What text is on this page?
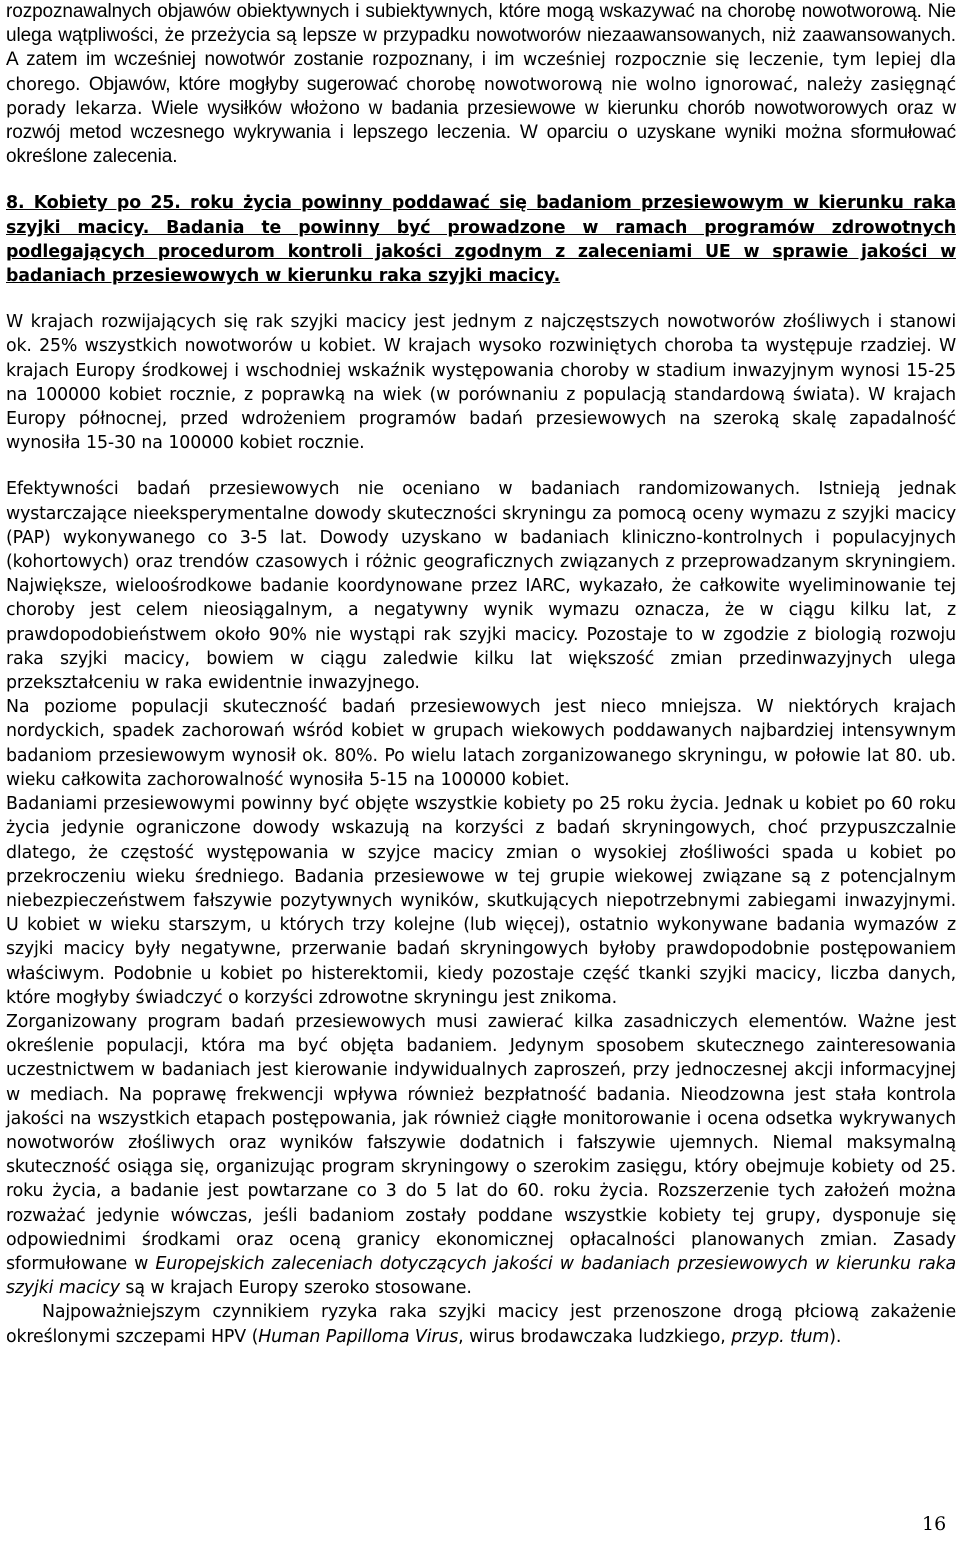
rozpoznawalnych objawów obiektywnych i subiektywnych, które mogą wskazywać na chorobę nowotworową. Nie ulega wątpliwości, że przeżycia są lepsze w przypadku nowotworów niezaawansowanych, niż zaawansowanych. A zatem im wcześniej nowotwór zostanie rozpoznany, i im wcześniej rozpocznie się leczenie, tym lepiej dla chorego. Objawów, które mogłyby sugerować chorobę nowotworową nie wolno ignorować, należy zasięgnąć porady lekarza. Wiele wysiłków włożono w badania przesiewowe w kierunku chorób nowotworowych oraz w rozwój metod wczesnego wykrywania i lepszego leczenia. W oparciu o uzyskane wyniki można sformułować określone zalecenia.

8. Kobiety po 25. roku życia powinny poddawać się badaniom przesiewowym w kierunku raka szyjki macicy. Badania te powinny być prowadzone w ramach programów zdrowotnych podlegających procedurom kontroli jakości zgodnym z zaleceniami UE w sprawie jakości w badaniach przesiewowych w kierunku raka szyjki macicy.

W krajach rozwijających się rak szyjki macicy jest jednym z najczęstszych nowotworów złośliwych i stanowi ok. 25% wszystkich nowotworów u kobiet. W krajach wysoko rozwiniętych choroba ta występuje rzadziej. W krajach Europy środkowej i wschodniej wskaźnik występowania choroby w stadium inwazyjnym wynosi 15-25 na 100000 kobiet rocznie, z poprawką na wiek (w porównaniu z populacją standardową świata). W krajach Europy północnej, przed wdrożeniem programów badań przesiewowych na szeroką skalę zapadalność wynosiła 15-30 na 100000 kobiet rocznie.

Efektywności badań przesiewowych nie oceniano w badaniach randomizowanych. Istnieją jednak wystarczające nieeksperymentalne dowody skuteczności skryningu za pomocą oceny wymazu z szyjki macicy (PAP) wykonywanego co 3-5 lat. Dowody uzyskano w badaniach kliniczno-kontrolnych i populacyjnych (kohortowych) oraz trendów czasowych i różnic geograficznych związanych z przeprowadzanym skryningiem. Największe, wieloośrodkowe badanie koordynowane przez IARC, wykazało, że całkowite wyeliminowanie tej choroby jest celem nieosiągalnym, a negatywny wynik wymazu oznacza, że w ciągu kilku lat, z prawdopodobieństwem około 90% nie wystąpi rak szyjki macicy. Pozostaje to w zgodzie z biologią rozwoju raka szyjki macicy, bowiem w ciągu zaledwie kilku lat większość zmian przedinwazyjnych ulega przekształceniu w raka ewidentnie inwazyjnego.

Na poziome populacji skuteczność badań przesiewowych jest nieco mniejsza. W niektórych krajach nordyckich, spadek zachorowań wśród kobiet w grupach wiekowych poddawanych najbardziej intensywnym badaniom przesiewowym wynosił ok. 80%. Po wielu latach zorganizowanego skryningu, w połowie lat 80. ub. wieku całkowita zachorowalność wynosiła 5-15 na 100000 kobiet.

Badaniami przesiewowymi powinny być objęte wszystkie kobiety po 25 roku życia. Jednak u kobiet po 60 roku życia jedynie ograniczone dowody wskazują na korzyści z badań skryningowych, choć przypuszczalnie dlatego, że częstość występowania w szyjce macicy zmian o wysokiej złośliwości spada u kobiet po przekroczeniu wieku średniego. Badania przesiewowe w tej grupie wiekowej związane są z potencjalnym niebezpieczeństwem fałszywie pozytywnych wyników, skutkujących niepotrzebnymi zabiegami inwazyjnymi. U kobiet w wieku starszym, u których trzy kolejne (lub więcej), ostatnio wykonywane badania wymazów z szyjki macicy były negatywne, przerwanie badań skryningowych byłoby prawdopodobnie postępowaniem właściwym. Podobnie u kobiet po histerektomii, kiedy pozostaje część tkanki szyjki macicy, liczba danych, które mogłyby świadczyć o korzyści zdrowotne skryningu jest znikoma.

Zorganizowany program badań przesiewowych musi zawierać kilka zasadniczych elementów. Ważne jest określenie populacji, która ma być objęta badaniem. Jedynym sposobem skutecznego zainteresowania uczestnictwem w badaniach jest kierowanie indywidualnych zaproszeń, przy jednoczesnej akcji informacyjnej w mediach. Na poprawę frekwencji wpływa również bezpłatność badania. Nieodzowna jest stała kontrola jakości na wszystkich etapach postępowania, jak również ciągłe monitorowanie i ocena odsetka wykrywanych nowotworów złośliwych oraz wyników fałszywie dodatnich i fałszywie ujemnych. Niemal maksymalną skuteczność osiąga się, organizując program skryningowy o szerokim zasięgu, który obejmuje kobiety od 25. roku życia, a badanie jest powtarzane co 3 do 5 lat do 60. roku życia. Rozszerzenie tych założeń można rozważać jedynie wówczas, jeśli badaniom zostały poddane wszystkie kobiety tej grupy, dysponuje się odpowiednimi środkami oraz oceną granicy ekonomicznej opłacalności planowanych zmian. Zasady sformułowane w Europejskich zaleceniach dotyczących jakości w badaniach przesiewowych w kierunku raka szyjki macicy są w krajach Europy szeroko stosowane.

Najpoważniejszym czynnikiem ryzyka raka szyjki macicy jest przenoszone drogą płciową zakażenie określonymi szczepami HPV (Human Papilloma Virus, wirus brodawczaka ludzkiego, przyp. tłum).

16
